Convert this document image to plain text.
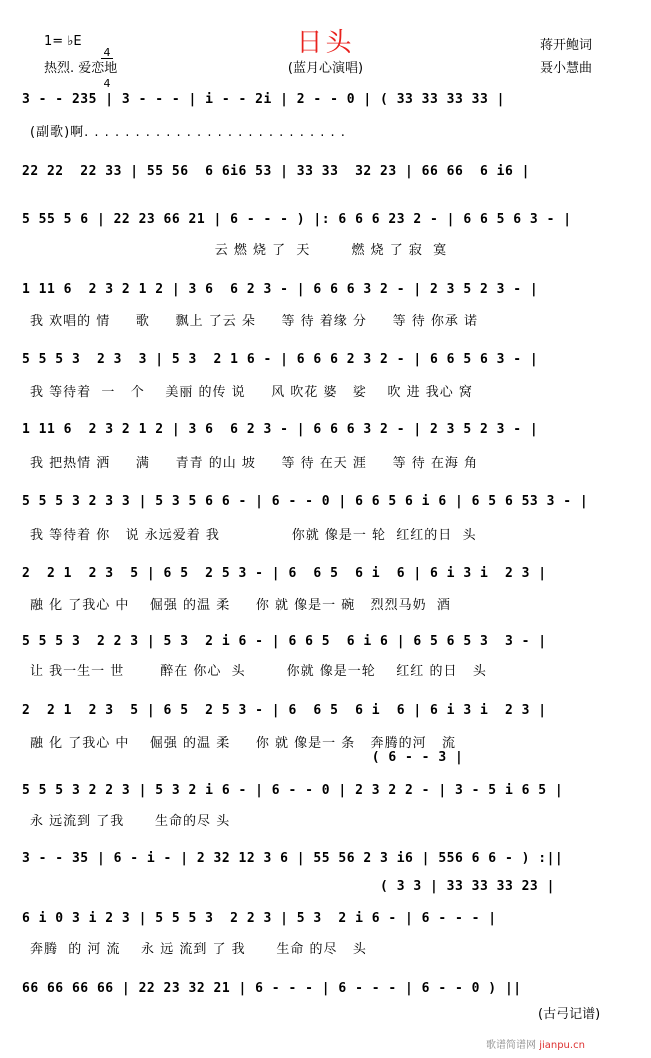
日头
1= ♭E

4

4

热烈. 爱恋地	(蓝月心演唱)
蒋开鲍词
聂小慧曲
3 - - 235 | 3 - - - | i - - 2i | 2 - - 0 | ( 33 33 33 33 |
(副歌)啊. . . . . . . . . . . . . . . . . . . . . . . . . .
22 22  22 33 | 55 56  6 6i6 53 | 33 33  32 23 | 66 66  6 i6 |
5 55 5 6 | 22 23 66 21 | 6 - - - ) |: 6 6 6 23 2 - | 6 6 5 6 3 - |
云 燃 烧 了  天        燃 烧 了 寂  寞
1 11 6  2 3 2 1 2 | 3 6  6 2 3 - | 6 6 6 3 2 - | 2 3 5 2 3 - |
我 欢唱的 情     歌     飘上 了云 朵     等 待 着缘 分     等 待 你承 诺
5 5 5 3  2 3  3 | 5 3  2 1 6 - | 6 6 6 2 3 2 - | 6 6 5 6 3 - |
我 等待着  一   个    美丽 的传 说     风 吹花 婆   娑    吹 进 我心 窝
1 11 6  2 3 2 1 2 | 3 6  6 2 3 - | 6 6 6 3 2 - | 2 3 5 2 3 - |
我 把热情 洒     满     青青 的山 坡     等 待 在天 涯     等 待 在海 角
5 5 5 3 2 3 3 | 5 3 5 6 6 - | 6 - - 0 | 6 6 5 6 i 6 | 6 5 6 53 3 - |
我 等待着 你   说 永远爱着 我              你就 像是一 轮  红红的日  头
2  2 1  2 3  5 | 6 5  2 5 3 - | 6  6 5  6 i  6 | 6 i 3 i  2 3 |
融 化 了我心 中    倔强 的温 柔     你 就 像是一 碗   烈烈马奶  酒
5 5 5 3  2 2 3 | 5 3  2 i 6 - | 6 6 5  6 i 6 | 6 5 6 5 3  3 - |
让 我一生一 世       醉在 你心  头        你就 像是一轮    红红 的日   头
2  2 1  2 3  5 | 6 5  2 5 3 - | 6  6 5  6 i  6 | 6 i 3 i  2 3 |
融 化 了我心 中    倔强 的温 柔     你 就 像是一 条   奔腾的河   流
( 6 - - 3 |
5 5 5 3 2 2 3 | 5 3 2 i 6 - | 6 - - 0 | 2 3 2 2 - | 3 - 5 i 6 5 |
永 远流到 了我      生命的尽 头
3 - - 35 | 6 - i - | 2 32 12 3 6 | 55 56 2 3 i6 | 556 6 6 - ) :||
( 3 3 | 33 33 33 23 |
6 i 0 3 i 2 3 | 5 5 5 3  2 2 3 | 5 3  2 i 6 - | 6 - - - |
奔腾  的 河 流    永 远 流到 了 我      生命 的尽   头
66 66 66 66 | 22 23 32 21 | 6 - - - | 6 - - - | 6 - - 0 ) ||
(古弓记谱)
歌谱简谱网 jianpu.cn
